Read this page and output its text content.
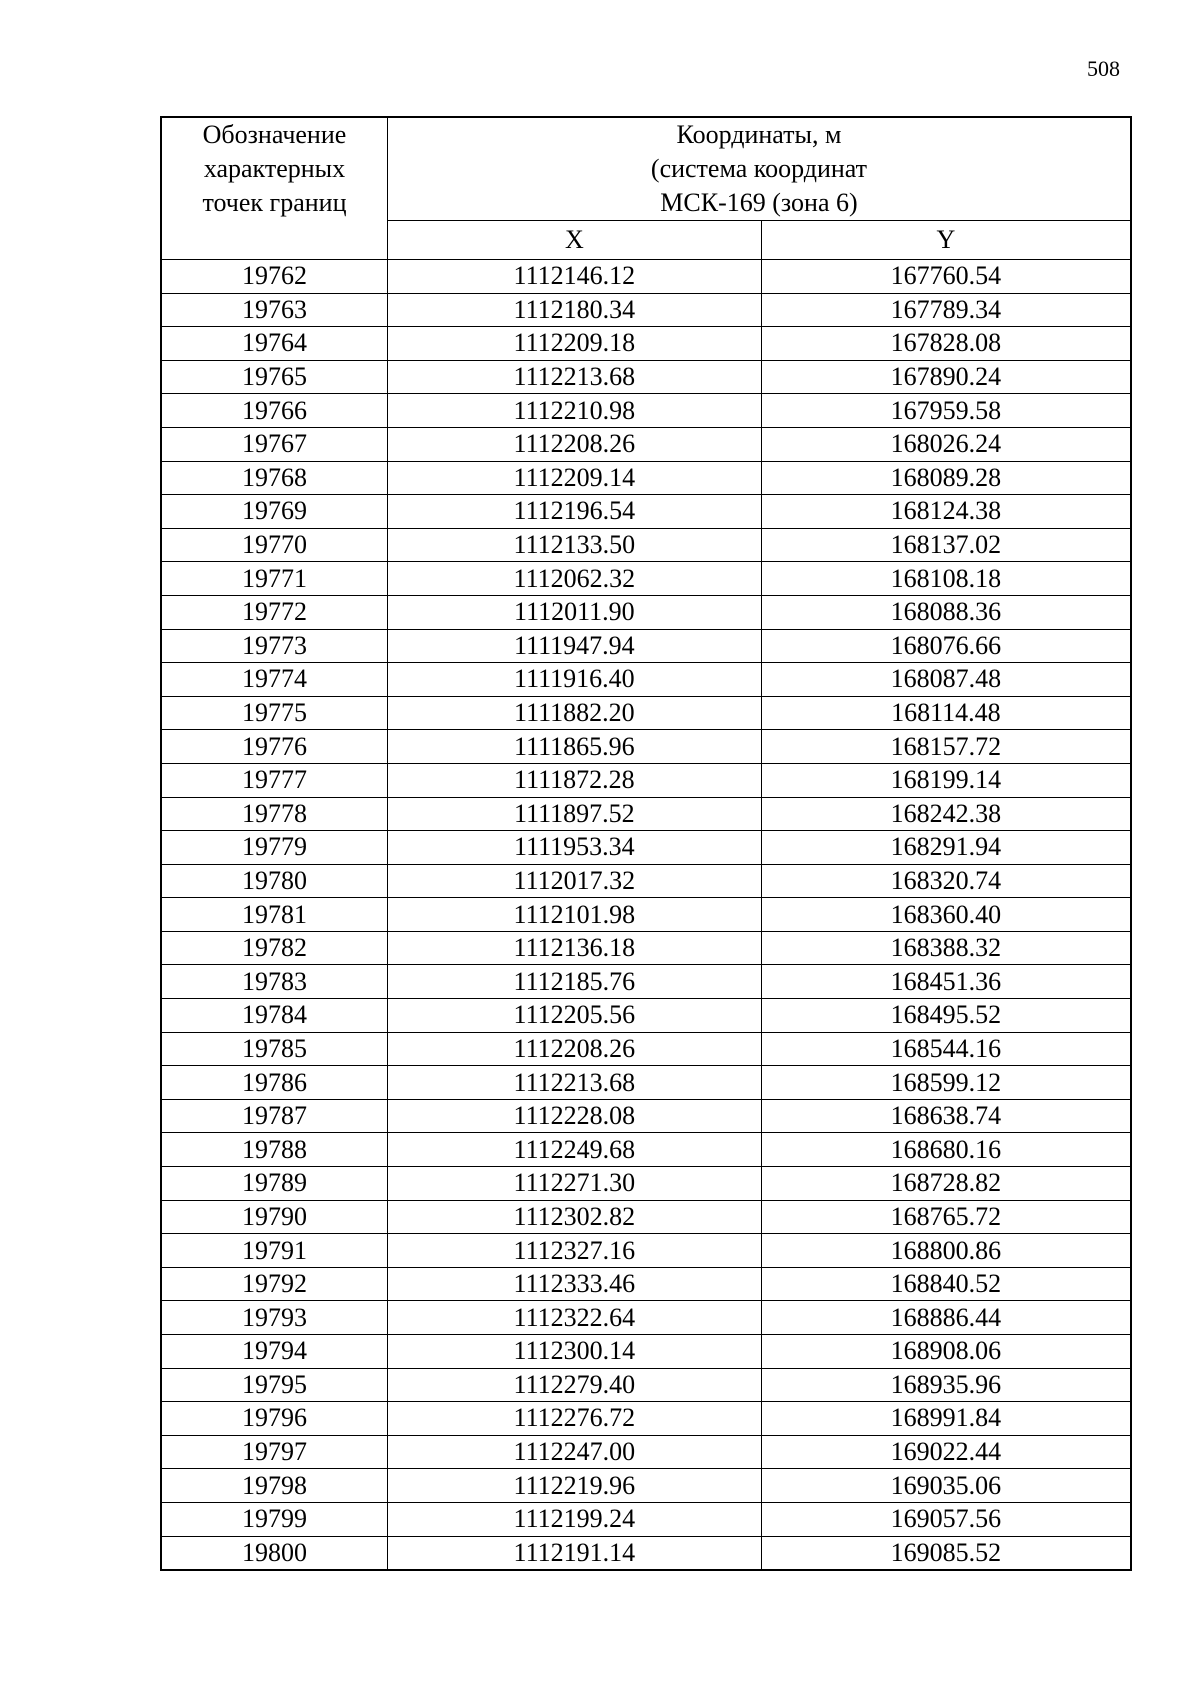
508
Обозначение
характерных
точек границ	Координаты, м
(система координат
МСК-169 (зона 6)	

	X	Y
19762	1112146.12	167760.54
19763	1112180.34	167789.34
19764	1112209.18	167828.08
19765	1112213.68	167890.24
19766	1112210.98	167959.58
19767	1112208.26	168026.24
19768	1112209.14	168089.28
19769	1112196.54	168124.38
19770	1112133.50	168137.02
19771	1112062.32	168108.18
19772	1112011.90	168088.36
19773	1111947.94	168076.66
19774	1111916.40	168087.48
19775	1111882.20	168114.48
19776	1111865.96	168157.72
19777	1111872.28	168199.14
19778	1111897.52	168242.38
19779	1111953.34	168291.94
19780	1112017.32	168320.74
19781	1112101.98	168360.40
19782	1112136.18	168388.32
19783	1112185.76	168451.36
19784	1112205.56	168495.52
19785	1112208.26	168544.16
19786	1112213.68	168599.12
19787	1112228.08	168638.74
19788	1112249.68	168680.16
19789	1112271.30	168728.82
19790	1112302.82	168765.72
19791	1112327.16	168800.86
19792	1112333.46	168840.52
19793	1112322.64	168886.44
19794	1112300.14	168908.06
19795	1112279.40	168935.96
19796	1112276.72	168991.84
19797	1112247.00	169022.44
19798	1112219.96	169035.06
19799	1112199.24	169057.56
19800	1112191.14	169085.52
